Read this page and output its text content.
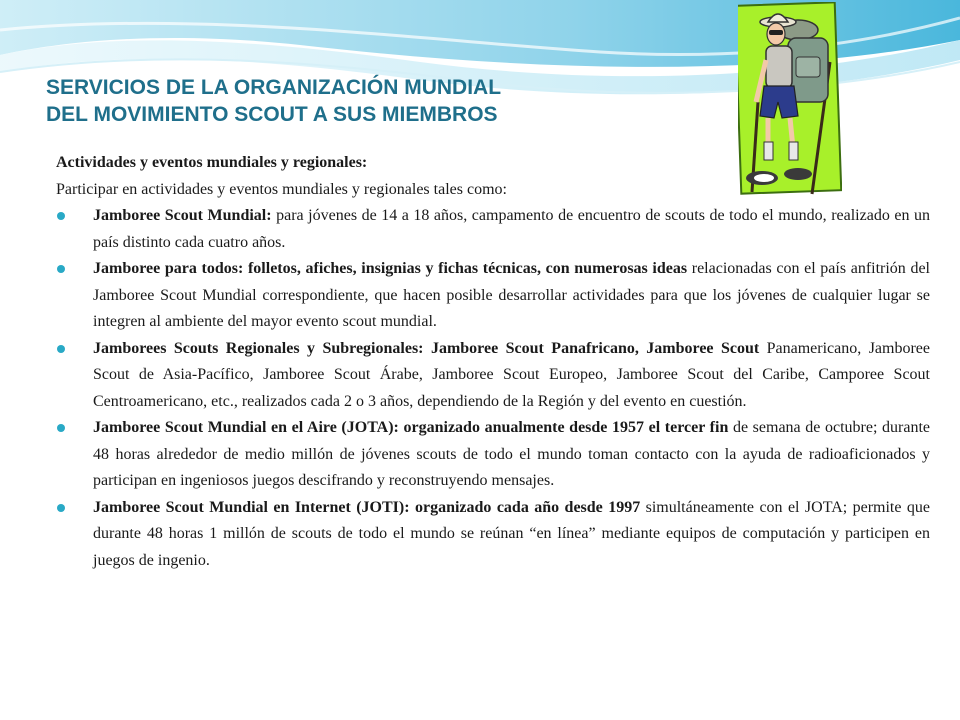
SERVICIOS DE LA ORGANIZACIÓN MUNDIAL
DEL MOVIMIENTO SCOUT A SUS MIEMBROS

Actividades y eventos mundiales y regionales:

Participar en actividades y eventos mundiales y regionales tales como:

Jamboree Scout Mundial: para jóvenes de 14 a 18 años, campamento de encuentro de scouts de todo el mundo, realizado en un país distinto cada cuatro años.
Jamboree para todos: folletos, afiches, insignias y fichas técnicas, con numerosas ideas relacionadas con el país anfitrión del Jamboree Scout Mundial correspondiente, que hacen posible desarrollar actividades para que los jóvenes de cualquier lugar se integren al ambiente del mayor evento scout mundial.
Jamborees Scouts Regionales y Subregionales: Jamboree Scout Panafricano, Jamboree Scout Panamericano, Jamboree Scout de Asia-Pacífico, Jamboree Scout Árabe, Jamboree Scout Europeo, Jamboree Scout del Caribe, Camporee Scout Centroamericano, etc., realizados cada 2 o 3 años, dependiendo de la Región y del evento en cuestión.
Jamboree Scout Mundial en el Aire (JOTA): organizado anualmente desde 1957 el tercer fin de semana de octubre; durante 48 horas alrededor de medio millón de jóvenes scouts de todo el mundo toman contacto con la ayuda de radioaficionados y participan en ingeniosos juegos descifrando y reconstruyendo mensajes.
Jamboree Scout Mundial en Internet (JOTI): organizado cada año desde 1997 simultáneamente con el JOTA; permite que durante 48 horas 1 millón de scouts de todo el mundo se reúnan “en línea” mediante equipos de computación y participen en juegos de ingenio.
